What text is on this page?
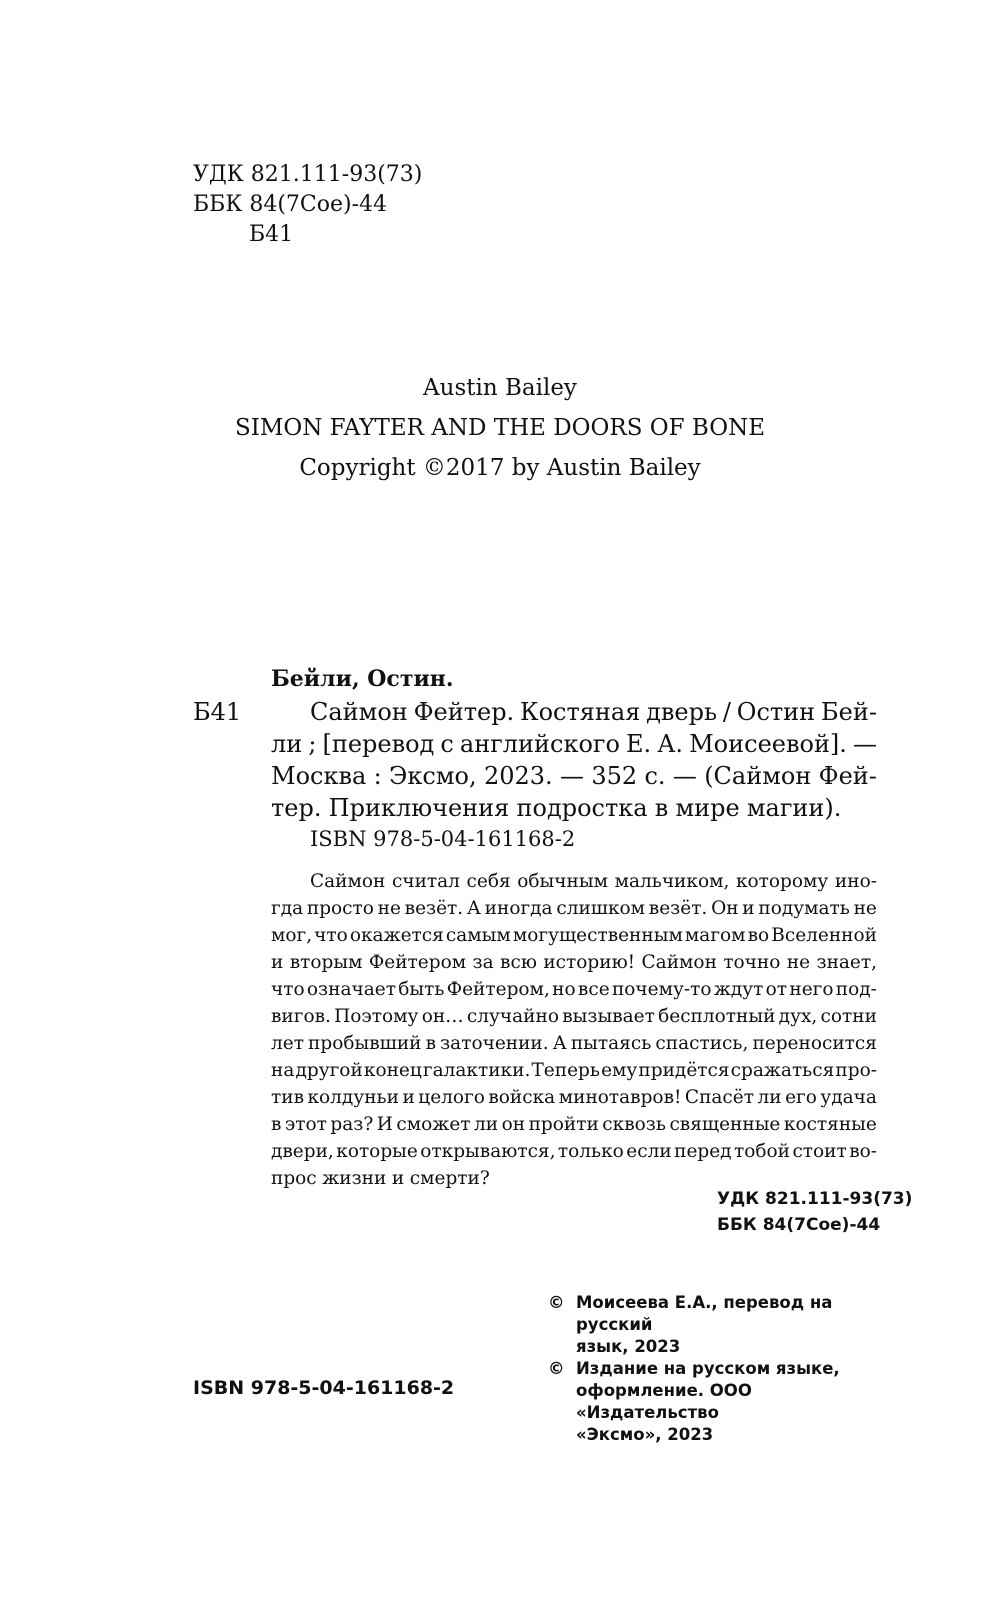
УДК 821.111-93(73)
ББК 84(7Сое)-44
Б41
Austin Bailey
SIMON FAYTER AND THE DOORS OF BONE
Copyright ©2017 by Austin Bailey
Бейли, Остин.
Б41	Саймон Фейтер. Костяная дверь / Остин Бей-
ли ; [перевод с английского Е. А. Моисеевой]. —
Москва : Эксмо, 2023. — 352 с. — (Саймон Фей-
тер. Приключения подростка в мире магии).
ISBN 978-5-04-161168-2
Саймон считал себя обычным мальчиком, которому ино-
гда просто не везёт. А иногда слишком везёт. Он и подумать не
мог, что окажется самым могущественным магом во Вселенной
и вторым Фейтером за всю историю! Саймон точно не знает,
что означает быть Фейтером, но все почему-то ждут от него под-
вигов. Поэтому он… случайно вызывает бесплотный дух, сотни
лет пробывший в заточении. А пытаясь спастись, переносится
на другой конец галактики. Теперь ему придётся сражаться про-
тив колдуньи и целого войска минотавров! Спасёт ли его удача
в этот раз? И сможет ли он пройти сквозь священные костяные
двери, которые открываются, только если перед тобой стоит во-
прос жизни и смерти?
УДК 821.111-93(73)
ББК 84(7Сое)-44
© Моисеева Е.А., перевод на русский
язык, 2023
© Издание на русском языке,
оформление. ООО «Издательство
«Эксмо», 2023
ISBN 978-5-04-161168-2
